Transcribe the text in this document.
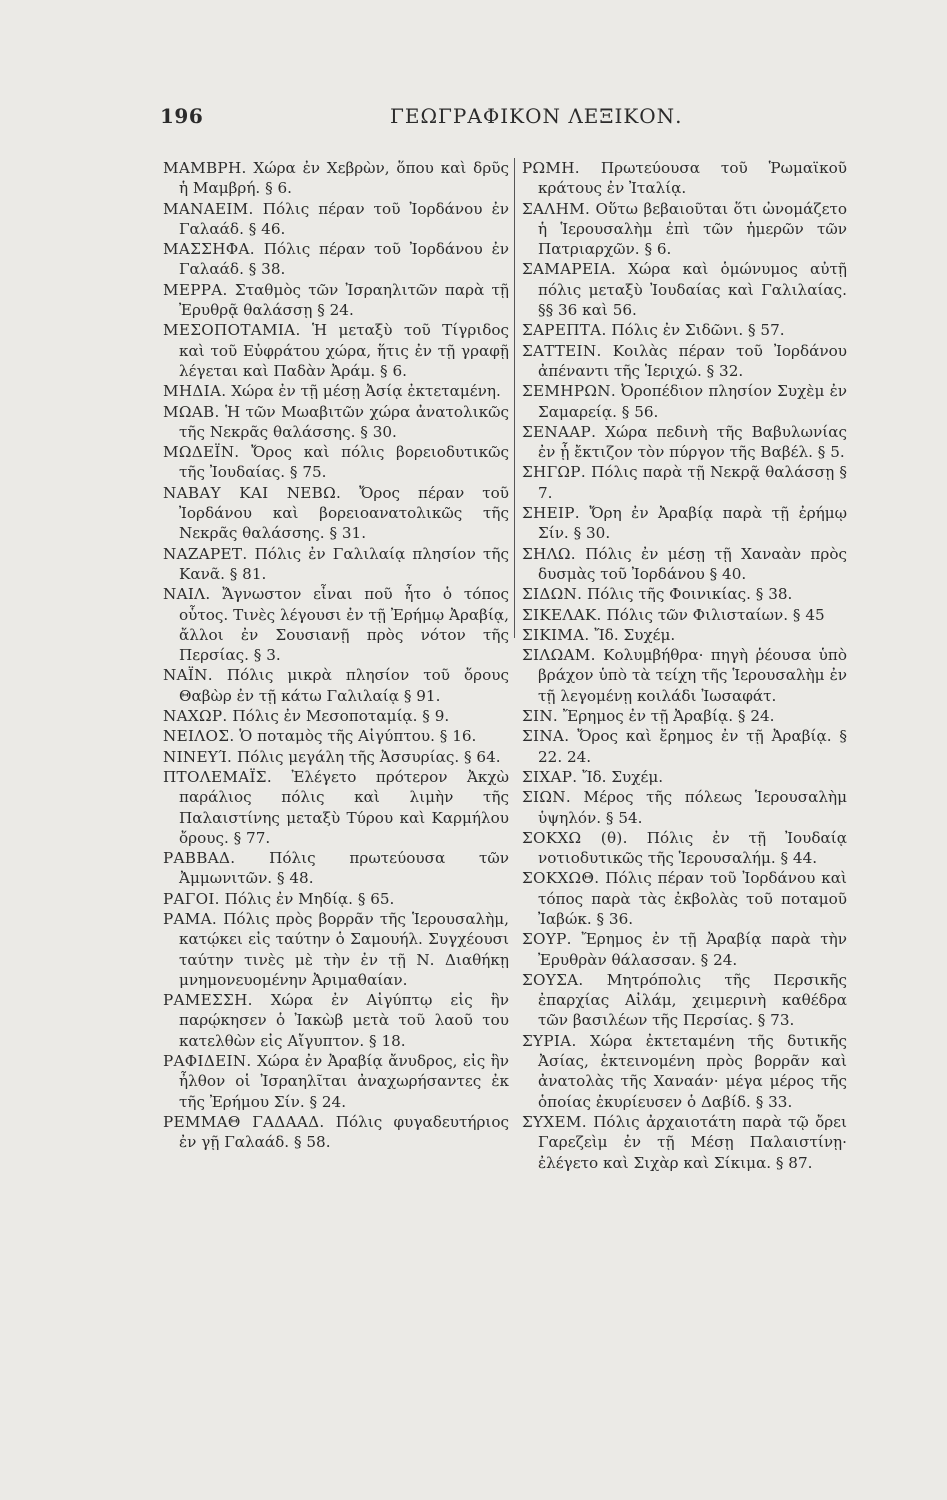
196	ΓΕΩΓΡΑΦΙΚΟΝ ΛΕΞΙΚΟΝ.
ΜΑΜΒΡΗ. Χώρα ἐν Χεβρὼν, ὅπου καὶ δρῦς ἡ Μαμβρή. § 6.
ΜΑΝΑΕΙΜ. Πόλις πέραν τοῦ Ἰορδάνου ἐν Γαλαάδ. § 46.
ΜΑΣΣΗΦΑ. Πόλις πέραν τοῦ Ἰορδάνου ἐν Γαλαάδ. § 38.
ΜΕΡΡΑ. Σταθμὸς τῶν Ἰσραηλιτῶν παρὰ τῇ Ἐρυθρᾷ θαλάσσῃ § 24.
ΜΕΣΟΠΟΤΑΜΙΑ. Ἡ μεταξὺ τοῦ Τίγριδος καὶ τοῦ Εὐφράτου χώρα, ἥτις ἐν τῇ γραφῇ λέγεται καὶ Παδὰν Ἀράμ. § 6.
ΜΗΔΙΑ. Χώρα ἐν τῇ μέσῃ Ἀσίᾳ ἐκτεταμένη.
ΜΩΑΒ. Ἡ τῶν Μωαβιτῶν χώρα ἀνατολικῶς τῆς Νεκρᾶς θαλάσσης. § 30.
ΜΩΔΕΪΝ. Ὄρος καὶ πόλις βορειοδυτικῶς τῆς Ἰουδαίας. § 75.
ΝΑΒΑΥ ΚΑΙ ΝΕΒΩ. Ὄρος πέραν τοῦ Ἰορδάνου καὶ βορειοανατολικῶς τῆς Νεκρᾶς θαλάσσης. § 31.
ΝΑΖΑΡΕΤ. Πόλις ἐν Γαλιλαίᾳ πλησίον τῆς Κανᾶ. § 81.
ΝΑΙΛ. Ἄγνωστον εἶναι ποῦ ἦτο ὁ τόπος οὗτος. Τινὲς λέγουσι ἐν τῇ Ἐρήμῳ Ἀραβίᾳ, ἄλλοι ἐν Σουσιανῇ πρὸς νότον τῆς Περσίας. § 3.
ΝΑΪΝ. Πόλις μικρὰ πλησίον τοῦ ὄρους Θαβὼρ ἐν τῇ κάτω Γαλιλαίᾳ § 91.
ΝΑΧΩΡ. Πόλις ἐν Μεσοποταμίᾳ. § 9.
ΝΕΙΛΟΣ. Ὁ ποταμὸς τῆς Αἰγύπτου. § 16.
ΝΙΝΕΥΊ. Πόλις μεγάλη τῆς Ἀσσυρίας. § 64.
ΠΤΟΛΕΜΑΪΣ. Ἐλέγετο πρότερον Ἀκχὼ παράλιος πόλις καὶ λιμὴν τῆς Παλαιστίνης μεταξὺ Τύρου καὶ Καρμήλου ὄρους. § 77.
ΡΑΒΒΑΔ. Πόλις πρωτεύουσα τῶν Ἀμμωνιτῶν. § 48.
ΡΑΓΟΙ. Πόλις ἐν Μηδίᾳ. § 65.
ΡΑΜΑ. Πόλις πρὸς βορρᾶν τῆς Ἱερουσαλὴμ, κατῴκει εἰς ταύτην ὁ Σαμουήλ. Συγχέουσι ταύτην τινὲς μὲ τὴν ἐν τῇ Ν. Διαθήκῃ μνημονευομένην Ἀριμαθαίαν.
ΡΑΜΕΣΣΗ. Χώρα ἐν Αἰγύπτῳ εἰς ἣν παρῴκησεν ὁ Ἰακὼβ μετὰ τοῦ λαοῦ του κατελθὼν εἰς Αἴγυπτον. § 18.
ΡΑΦΙΔΕΙΝ. Χώρα ἐν Ἀραβίᾳ ἄνυδρος, εἰς ἣν ἦλθον οἱ Ἰσραηλῖται ἀναχωρήσαντες ἐκ τῆς Ἐρήμου Σίν. § 24.
ΡΕΜΜΑΘ ΓΑΔΑΑΔ. Πόλις φυγαδευτήριος ἐν γῇ Γαλαάδ. § 58.
ΡΩΜΗ. Πρωτεύουσα τοῦ Ῥωμαϊκοῦ κράτους ἐν Ἰταλίᾳ.
ΣΑΛΗΜ. Οὕτω βεβαιοῦται ὅτι ὠνομάζετο ἡ Ἱερουσαλὴμ ἐπὶ τῶν ἡμερῶν τῶν Πατριαρχῶν. § 6.
ΣΑΜΑΡΕΙΑ. Χώρα καὶ ὁμώνυμος αὐτῇ πόλις μεταξὺ Ἰουδαίας καὶ Γαλιλαίας. §§ 36 καὶ 56.
ΣΑΡΕΠΤΑ. Πόλις ἐν Σιδῶνι. § 57.
ΣΑΤΤΕΙΝ. Κοιλὰς πέραν τοῦ Ἰορδάνου ἀπέναντι τῆς Ἱεριχώ. § 32.
ΣΕΜΗΡΩΝ. Ὀροπέδιον πλησίον Συχὲμ ἐν Σαμαρείᾳ. § 56.
ΣΕΝΑΑΡ. Χώρα πεδινὴ τῆς Βαβυλωνίας ἐν ᾗ ἔκτιζον τὸν πύργον τῆς Βαβέλ. § 5.
ΣΗΓΩΡ. Πόλις παρὰ τῇ Νεκρᾷ θαλάσσῃ § 7.
ΣΗΕΙΡ. Ὄρη ἐν Ἀραβίᾳ παρὰ τῇ ἐρήμῳ Σίν. § 30.
ΣΗΛΩ. Πόλις ἐν μέσῃ τῇ Χαναὰν πρὸς δυσμὰς τοῦ Ἰορδάνου § 40.
ΣΙΔΩΝ. Πόλις τῆς Φοινικίας. § 38.
ΣΙΚΕΛΑΚ. Πόλις τῶν Φιλισταίων. § 45
ΣΙΚΙΜΑ. Ἴδ. Συχέμ.
ΣΙΛΩΑΜ. Κολυμβήθρα· πηγὴ ῥέουσα ὑπὸ βράχον ὑπὸ τὰ τείχη τῆς Ἱερουσαλὴμ ἐν τῇ λεγομένῃ κοιλάδι Ἰωσαφάτ.
ΣΙΝ. Ἔρημος ἐν τῇ Ἀραβίᾳ. § 24.
ΣΙΝΑ. Ὄρος καὶ ἔρημος ἐν τῇ Ἀραβίᾳ. § 22. 24.
ΣΙΧΑΡ. Ἴδ. Συχέμ.
ΣΙΩΝ. Μέρος τῆς πόλεως Ἱερουσαλὴμ ὑψηλόν. § 54.
ΣΟΚΧΩ (θ). Πόλις ἐν τῇ Ἰουδαίᾳ νοτιοδυτικῶς τῆς Ἱερουσαλήμ. § 44.
ΣΟΚΧΩΘ. Πόλις πέραν τοῦ Ἰορδάνου καὶ τόπος παρὰ τὰς ἐκβολὰς τοῦ ποταμοῦ Ἰαβώκ. § 36.
ΣΟΥΡ. Ἔρημος ἐν τῇ Ἀραβίᾳ παρὰ τὴν Ἐρυθρὰν θάλασσαν. § 24.
ΣΟΥΣΑ. Μητρόπολις τῆς Περσικῆς ἐπαρχίας Αἰλάμ, χειμερινὴ καθέδρα τῶν βασιλέων τῆς Περσίας. § 73.
ΣΥΡΙΑ. Χώρα ἐκτεταμένη τῆς δυτικῆς Ἀσίας, ἐκτεινομένη πρὸς βορρᾶν καὶ ἀνατολὰς τῆς Χαναάν· μέγα μέρος τῆς ὁποίας ἐκυρίευσεν ὁ Δαβίδ. § 33.
ΣΥΧΕΜ. Πόλις ἀρχαιοτάτη παρὰ τῷ ὄρει Γαρεζεὶμ ἐν τῇ Μέσῃ Παλαιστίνῃ· ἐλέγετο καὶ Σιχὰρ καὶ Σίκιμα. § 87.
